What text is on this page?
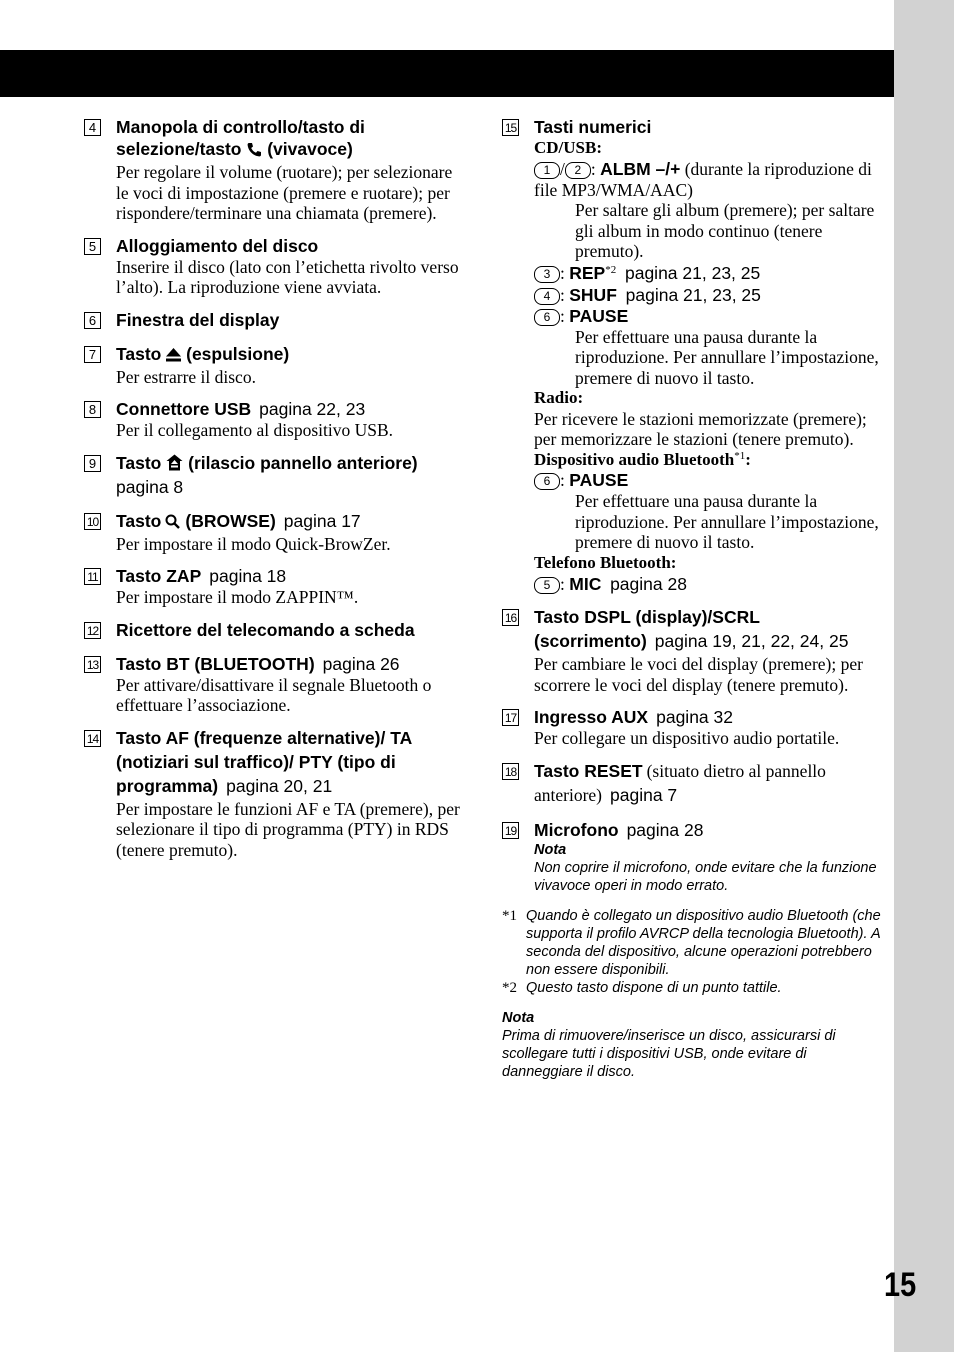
15
4 Manopola di controllo/tasto di selezione/tasto (vivavoce)
Per regolare il volume (ruotare); per selezionare le voci di impostazione (premere e ruotare); per rispondere/terminare una chiamata (premere).
5 Alloggiamento del disco
Inserire il disco (lato con l’etichetta rivolto verso l’alto). La riproduzione viene avviata.
6 Finestra del display
7 Tasto (espulsione)
Per estrarre il disco.
8 Connettore USB pagina 22, 23
Per il collegamento al dispositivo USB.
9 Tasto (rilascio pannello anteriore)
pagina 8
10 Tasto (BROWSE) pagina 17
Per impostare il modo Quick-BrowZer.
11 Tasto ZAP pagina 18
Per impostare il modo ZAPPIN™.
12 Ricettore del telecomando a scheda
13 Tasto BT (BLUETOOTH) pagina 26
Per attivare/disattivare il segnale Bluetooth o effettuare l’associazione.
14 Tasto AF (frequenze alternative)/ TA (notiziari sul traffico)/ PTY (tipo di programma) pagina 20, 21
Per impostare le funzioni AF e TA (premere), per selezionare il tipo di programma (PTY) in RDS (tenere premuto).
15 Tasti numerici
CD/USB:
1 / 2 : ALBM –/+ (durante la riproduzione di file MP3/WMA/AAC)
Per saltare gli album (premere); per saltare gli album in modo continuo (tenere premuto).
3 : REP$^{*2}$ pagina 21, 23, 25
4 : SHUF pagina 21, 23, 25
6 : PAUSE
Per effettuare una pausa durante la riproduzione. Per annullare l’impostazione, premere di nuovo il tasto.
Radio:
Per ricevere le stazioni memorizzate (premere); per memorizzare le stazioni (tenere premuto).
Dispositivo audio Bluetooth$^{*1}$:
6 : PAUSE
Per effettuare una pausa durante la riproduzione. Per annullare l’impostazione, premere di nuovo il tasto.
Telefono Bluetooth:
5 : MIC pagina 28
16 Tasto DSPL (display)/SCRL (scorrimento) pagina 19, 21, 22, 24, 25
Per cambiare le voci del display (premere); per scorrere le voci del display (tenere premuto).
17 Ingresso AUX pagina 32
Per collegare un dispositivo audio portatile.
18 Tasto RESET (situato dietro al pannello anteriore) pagina 7
19 Microfono pagina 28
Nota
Non coprire il microfono, onde evitare che la funzione vivavoce operi in modo errato.
*1 Quando è collegato un dispositivo audio Bluetooth (che supporta il profilo AVRCP della tecnologia Bluetooth). A seconda del dispositivo, alcune operazioni potrebbero non essere disponibili.
*2 Questo tasto dispone di un punto tattile.
Nota
Prima di rimuovere/inserisce un disco, assicurarsi di scollegare tutti i dispositivi USB, onde evitare di danneggiare il disco.
